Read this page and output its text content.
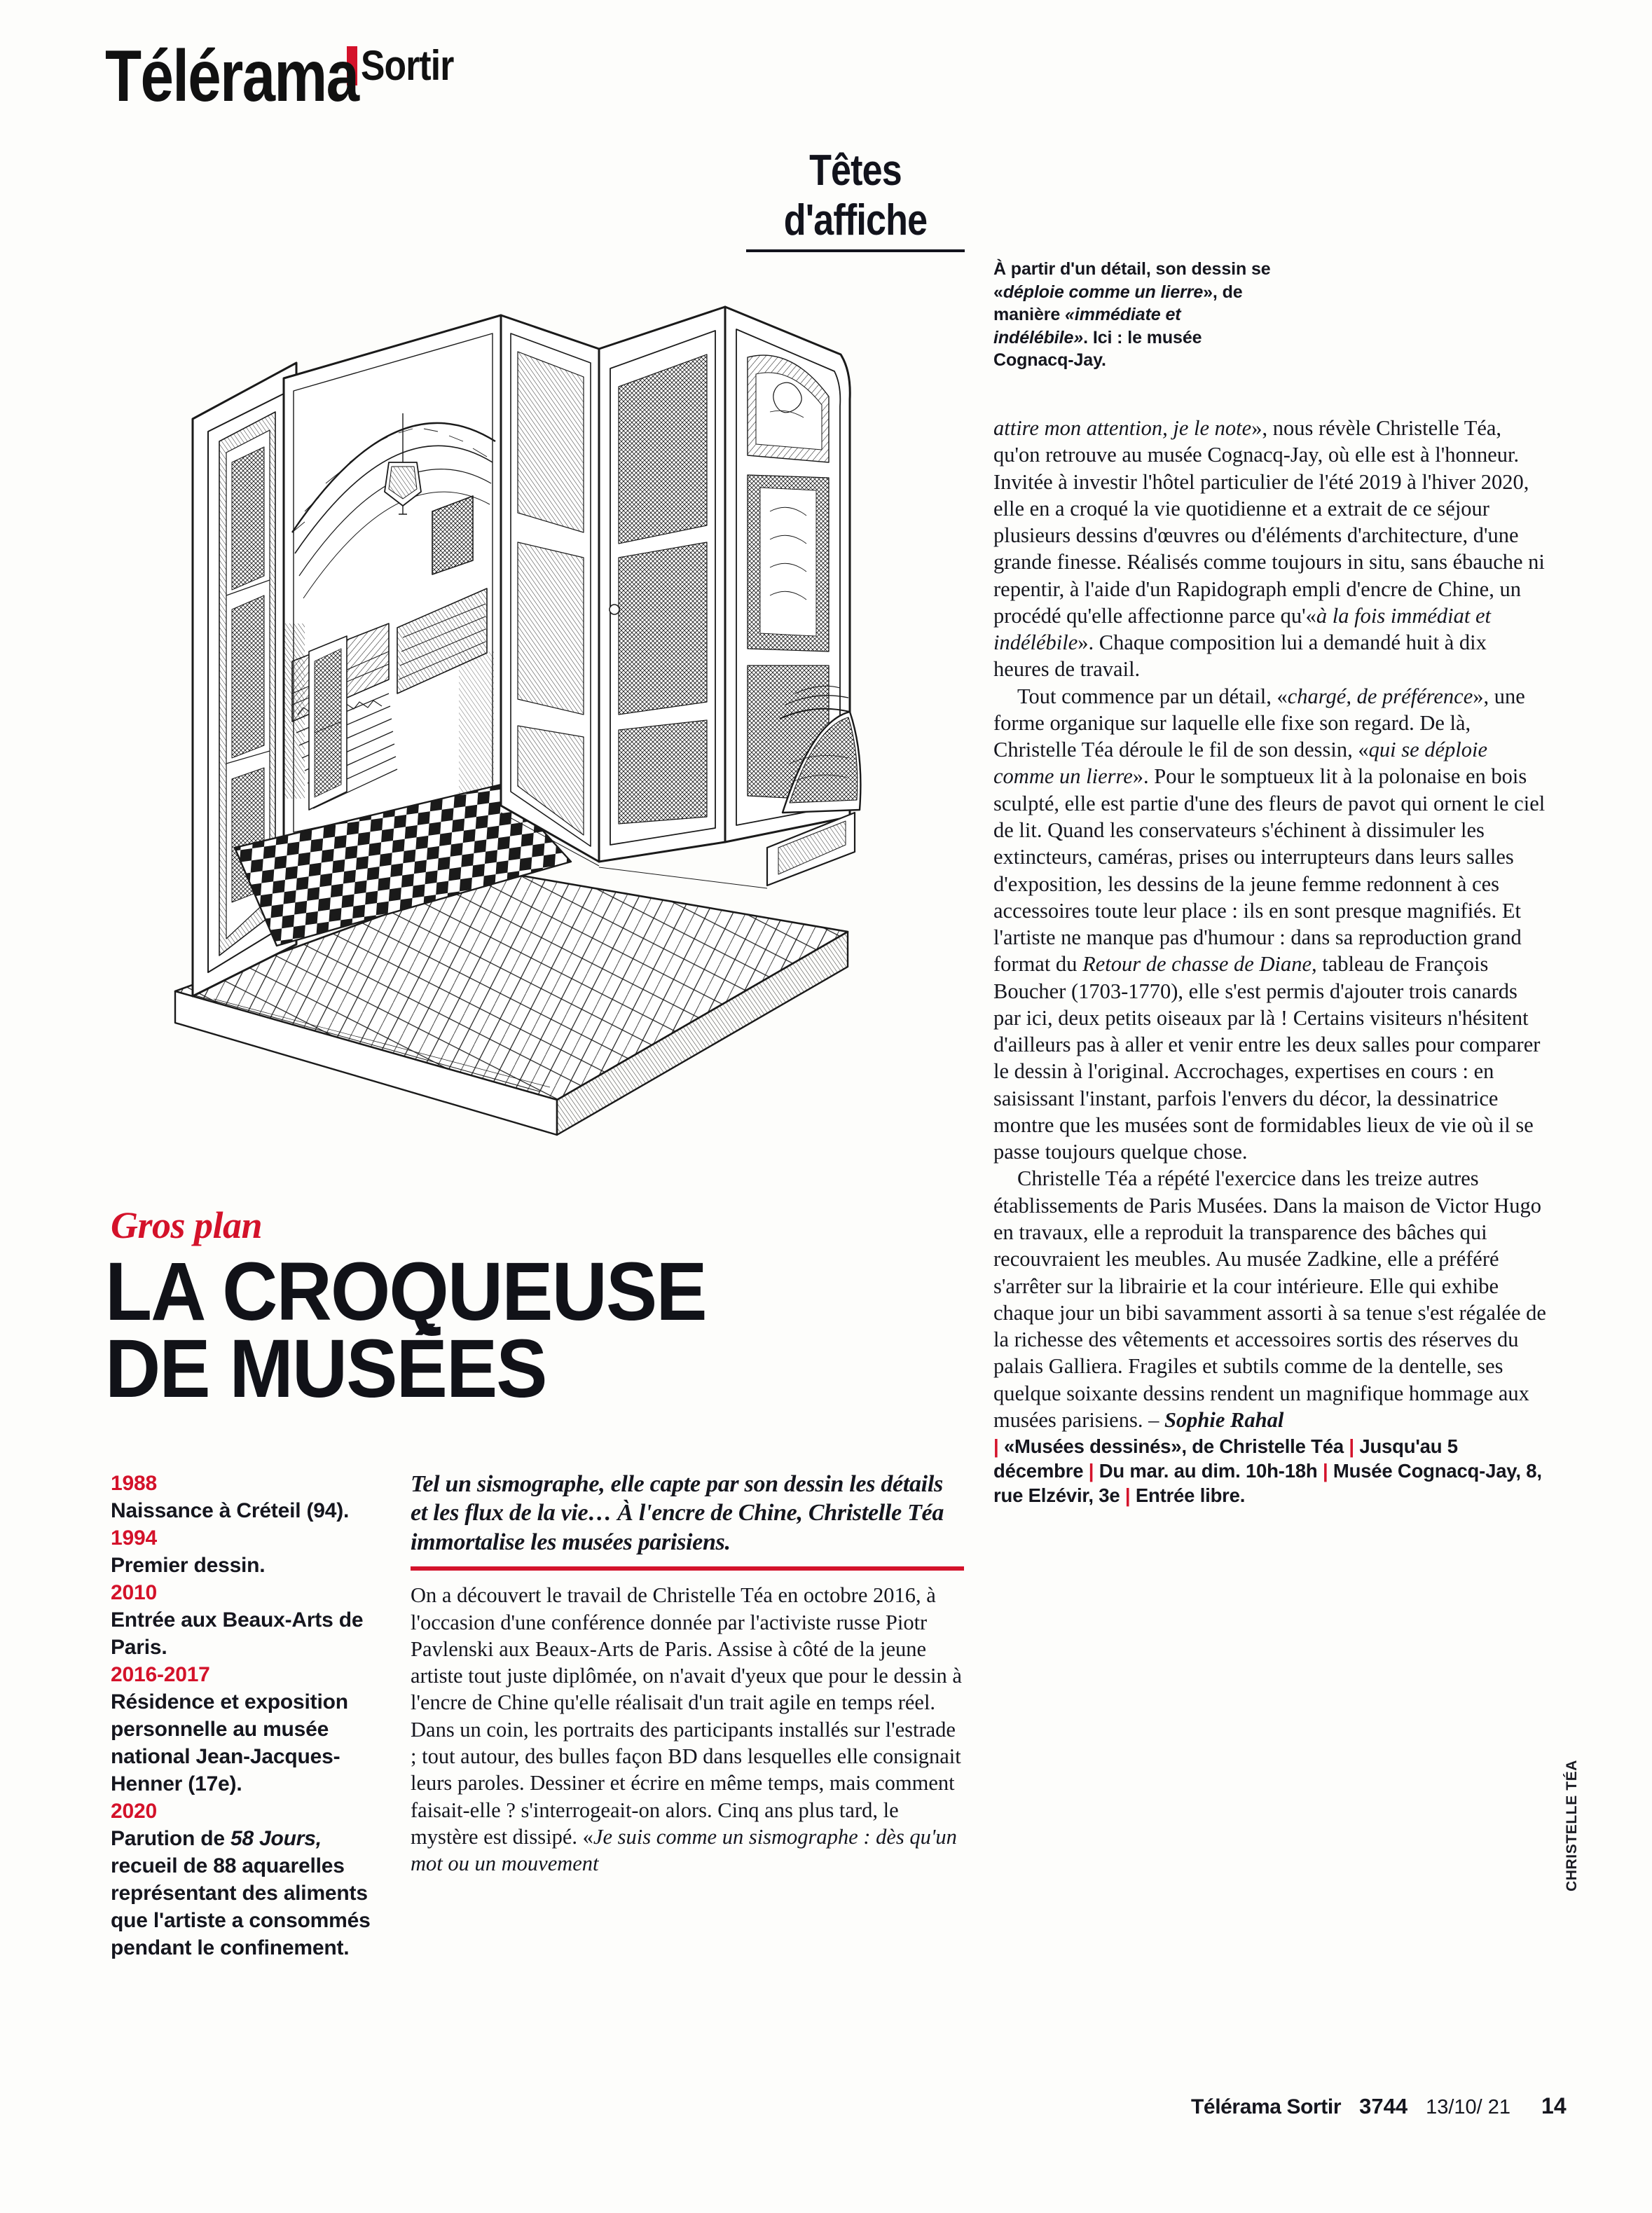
Télérama Sortir
Têtes d'affiche
À partir d'un détail, son dessin se «déploie comme un lierre», de manière «immédiate et indélébile». Ici : le musée Cognacq-Jay.

attire mon attention, je le note», nous révèle Christelle Téa, qu'on retrouve au musée Cognacq-Jay, où elle est à l'honneur. Invitée à investir l'hôtel particulier de l'été 2019 à l'hiver 2020, elle en a croqué la vie quotidienne et a extrait de ce séjour plusieurs dessins d'œuvres ou d'éléments d'architecture, d'une grande finesse. Réalisés comme toujours in situ, sans ébauche ni repentir, à l'aide d'un Rapidograph empli d'encre de Chine, un procédé qu'elle affectionne parce qu'«à la fois immédiat et indélébile». Chaque composition lui a demandé huit à dix heures de travail.

Tout commence par un détail, «chargé, de préférence», une forme organique sur laquelle elle fixe son regard. De là, Christelle Téa déroule le fil de son dessin, «qui se déploie comme un lierre». Pour le somptueux lit à la polonaise en bois sculpté, elle est partie d'une des fleurs de pavot qui ornent le ciel de lit. Quand les conservateurs s'échinent à dissimuler les extincteurs, caméras, prises ou interrupteurs dans leurs salles d'exposition, les dessins de la jeune femme redonnent à ces accessoires toute leur place : ils en sont presque magnifiés. Et l'artiste ne manque pas d'humour : dans sa reproduction grand format du Retour de chasse de Diane, tableau de François Boucher (1703-1770), elle s'est permis d'ajouter trois canards par ici, deux petits oiseaux par là ! Certains visiteurs n'hésitent d'ailleurs pas à aller et venir entre les deux salles pour comparer le dessin à l'original. Accrochages, expertises en cours : en saisissant l'instant, parfois l'envers du décor, la dessinatrice montre que les musées sont de formidables lieux de vie où il se passe toujours quelque chose.

Christelle Téa a répété l'exercice dans les treize autres établissements de Paris Musées. Dans la maison de Victor Hugo en travaux, elle a reproduit la transparence des bâches qui recouvraient les meubles. Au musée Zadkine, elle a préféré s'arrêter sur la librairie et la cour intérieure. Elle qui exhibe chaque jour un bibi savamment assorti à sa tenue s'est régalée de la richesse des vêtements et accessoires sortis des réserves du palais Galliera. Fragiles et subtils comme de la dentelle, ses quelque soixante dessins rendent un magnifique hommage aux musées parisiens. – Sophie Rahal

| «Musées dessinés», de Christelle Téa | Jusqu'au 5 décembre | Du mar. au dim. 10h-18h | Musée Cognacq-Jay, 8, rue Elzévir, 3e | Entrée libre.
CHRISTELLE TÉA
Gros plan
LA CROQUEUSE
DE MUSÉES

1988
Naissance à Créteil (94).

1994
Premier dessin.

2010
Entrée aux Beaux-Arts de Paris.

2016-2017
Résidence et exposition personnelle au musée national Jean-Jacques-Henner (17e).

2020
Parution de 58 Jours, recueil de 88 aquarelles représentant des aliments que l'artiste a consommés pendant le confinement.

Tel un sismographe, elle capte par son dessin les détails et les flux de la vie… À l'encre de Chine, Christelle Téa immortalise les musées parisiens.

On a découvert le travail de Christelle Téa en octobre 2016, à l'occasion d'une conférence donnée par l'activiste russe Piotr Pavlenski aux Beaux-Arts de Paris. Assise à côté de la jeune artiste tout juste diplômée, on n'avait d'yeux que pour le dessin à l'encre de Chine qu'elle réalisait d'un trait agile en temps réel. Dans un coin, les portraits des participants installés sur l'estrade ; tout autour, des bulles façon BD dans lesquelles elle consignait leurs paroles. Dessiner et écrire en même temps, mais comment faisait-elle ? s'interrogeait-on alors. Cinq ans plus tard, le mystère est dissipé. «Je suis comme un sismographe : dès qu'un mot ou un mouvement

Télérama Sortir 3744 13/10/ 21 14
